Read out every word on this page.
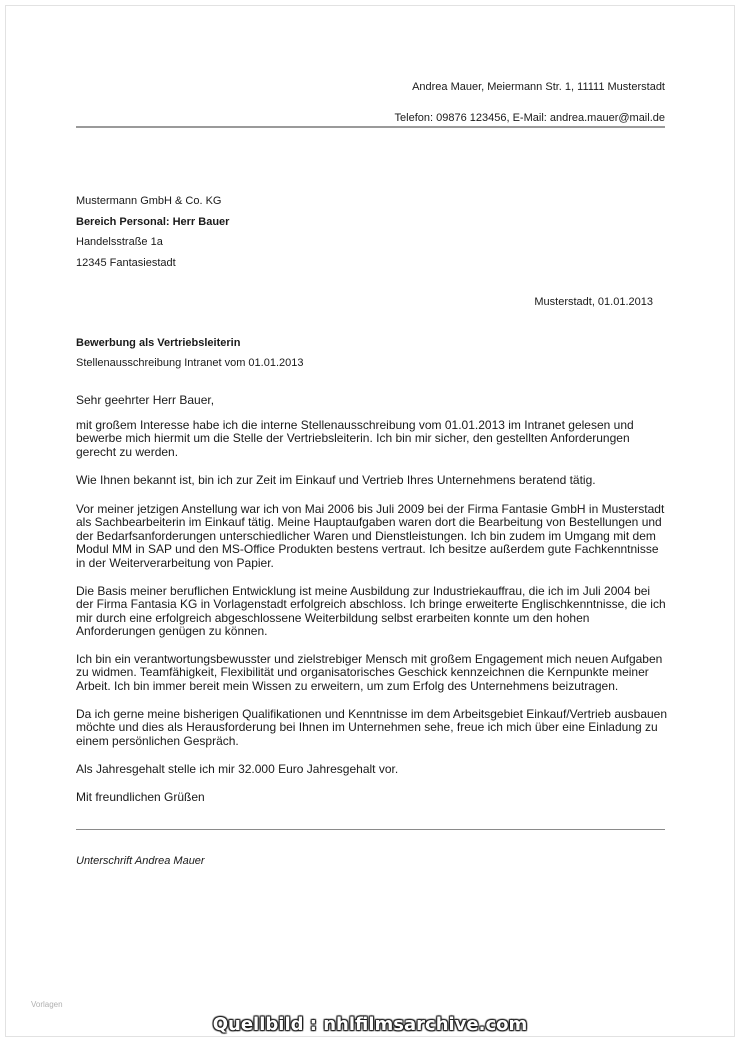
Andrea Mauer, Meiermann Str. 1, 11111 Musterstadt
Telefon: 09876 123456, E-Mail: andrea.mauer@mail.de
Mustermann GmbH & Co. KG
Bereich Personal: Herr Bauer
Handelsstraße 1a
12345 Fantasiestadt
Musterstadt, 01.01.2013
Bewerbung als Vertriebsleiterin
Stellenausschreibung Intranet vom 01.01.2013
Sehr geehrter Herr Bauer,
mit großem Interesse habe ich die interne Stellenausschreibung vom 01.01.2013 im Intranet gelesen und bewerbe mich hiermit um die Stelle der Vertriebsleiterin. Ich bin mir sicher, den gestellten Anforderungen gerecht zu werden.
Wie Ihnen bekannt ist, bin ich zur Zeit im Einkauf und Vertrieb Ihres Unternehmens beratend tätig.
Vor meiner jetzigen Anstellung war ich von Mai 2006 bis Juli 2009 bei der Firma Fantasie GmbH in Musterstadt als Sachbearbeiterin im Einkauf tätig. Meine Hauptaufgaben waren dort die Bearbeitung von Bestellungen und der Bedarfsanforderungen unterschiedlicher Waren und Dienstleistungen. Ich bin zudem im Umgang mit dem Modul MM in SAP und den MS-Office Produkten bestens vertraut. Ich besitze außerdem gute Fachkenntnisse in der Weiterverarbeitung von Papier.
Die Basis meiner beruflichen Entwicklung ist meine Ausbildung zur Industriekauffrau, die ich im Juli 2004 bei der Firma Fantasia KG in Vorlagenstadt erfolgreich abschloss. Ich bringe erweiterte Englischkenntnisse, die ich mir durch eine erfolgreich abgeschlossene Weiterbildung selbst erarbeiten konnte um den hohen Anforderungen genügen zu können.
Ich bin ein verantwortungsbewusster und zielstrebiger Mensch mit großem Engagement mich neuen Aufgaben zu widmen. Teamfähigkeit, Flexibilität und organisatorisches Geschick kennzeichnen die Kernpunkte meiner Arbeit. Ich bin immer bereit mein Wissen zu erweitern, um zum Erfolg des Unternehmens beizutragen.
Da ich gerne meine bisherigen Qualifikationen und Kenntnisse im dem Arbeitsgebiet Einkauf/Vertrieb ausbauen möchte und dies als Herausforderung bei Ihnen im Unternehmen sehe, freue ich mich über eine Einladung zu einem persönlichen Gespräch.
Als Jahresgehalt stelle ich mir 32.000 Euro Jahresgehalt vor.
Mit freundlichen Grüßen
Unterschrift Andrea Mauer
Vorlagen
Quellbild : nhlfilmsarchive.com
